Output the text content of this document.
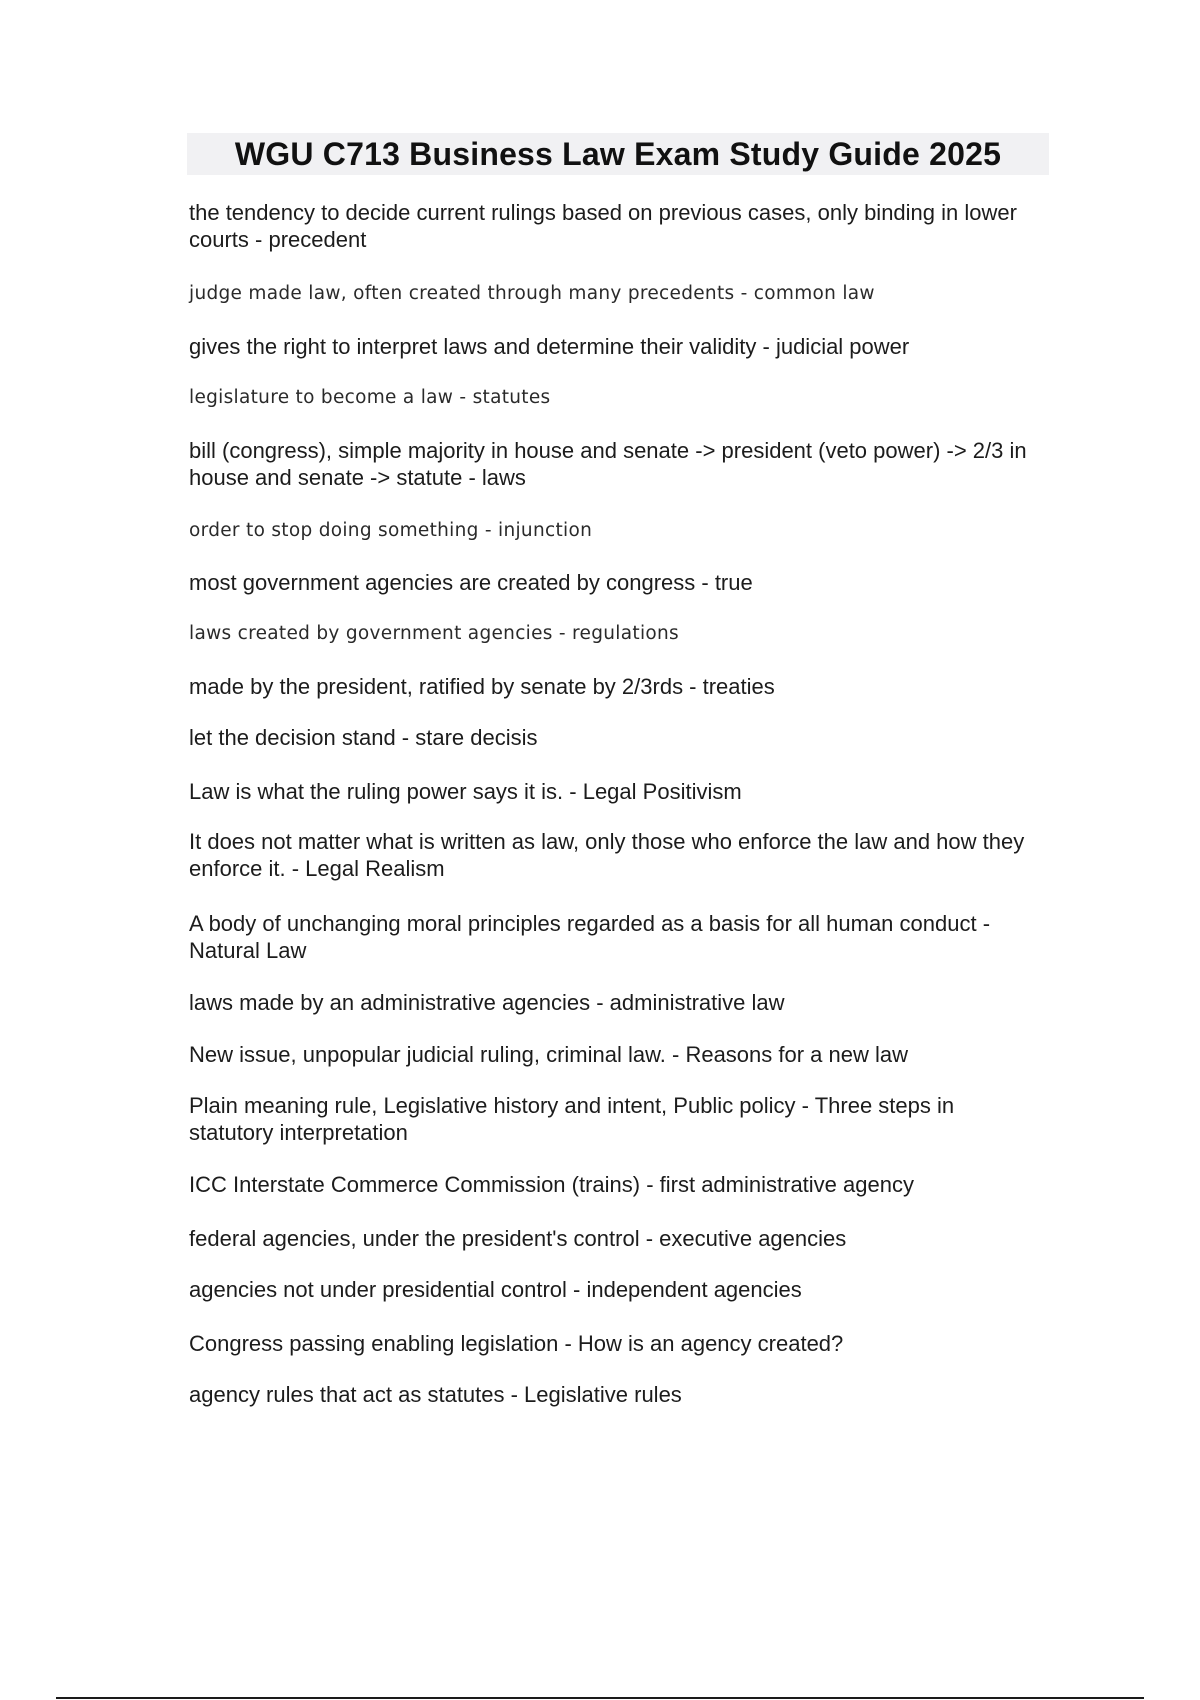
WGU C713 Business Law Exam Study Guide 2025
the tendency to decide current rulings based on previous cases, only binding in lower courts - precedent
judge made law, often created through many precedents - common law
gives the right to interpret laws and determine their validity - judicial power
legislature to become a law - statutes
bill (congress), simple majority in house and senate -> president (veto power) -> 2/3 in house and senate -> statute - laws
order to stop doing something - injunction
most government agencies are created by congress - true
laws created by government agencies - regulations
made by the president, ratified by senate by 2/3rds - treaties
let the decision stand - stare decisis
Law is what the ruling power says it is. - Legal Positivism
It does not matter what is written as law, only those who enforce the law and how they enforce it. - Legal Realism
A body of unchanging moral principles regarded as a basis for all human conduct - Natural Law
laws made by an administrative agencies - administrative law
New issue, unpopular judicial ruling, criminal law. - Reasons for a new law
Plain meaning rule, Legislative history and intent, Public policy - Three steps in statutory interpretation
ICC Interstate Commerce Commission (trains) - first administrative agency
federal agencies, under the president's control - executive agencies
agencies not under presidential control - independent agencies
Congress passing enabling legislation - How is an agency created?
agency rules that act as statutes - Legislative rules
